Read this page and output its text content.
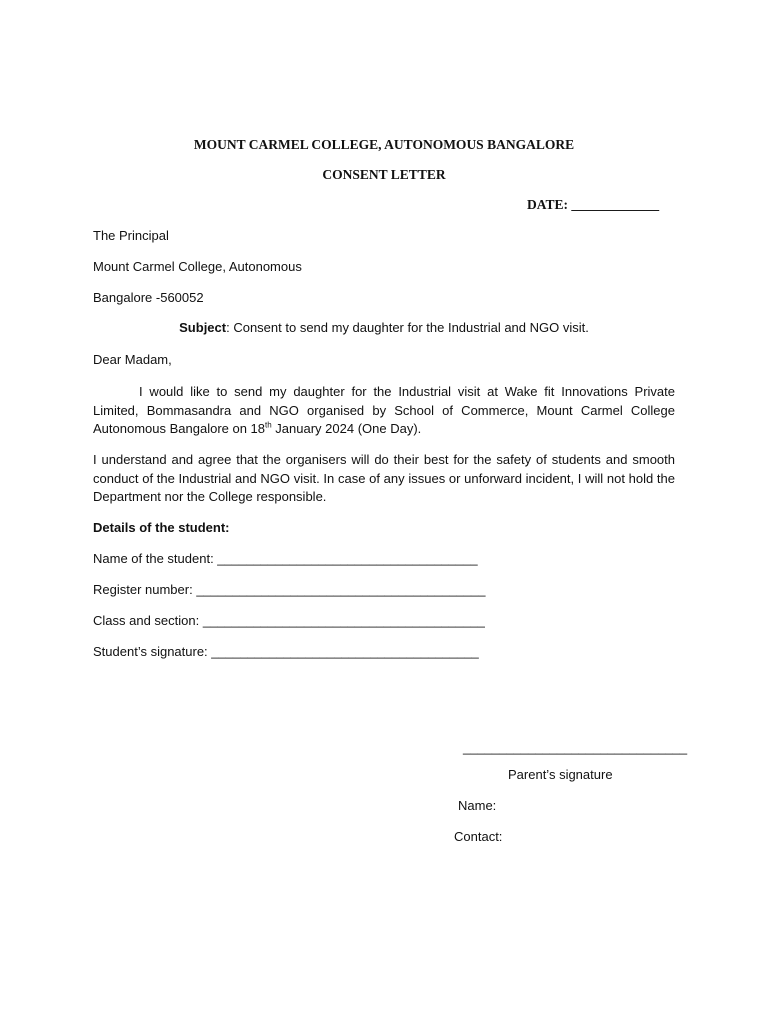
MOUNT CARMEL COLLEGE, AUTONOMOUS BANGALORE
CONSENT LETTER
DATE: _____________
The Principal
Mount Carmel College, Autonomous
Bangalore -560052
Subject: Consent to send my daughter for the Industrial and NGO visit.
Dear Madam,
I would like to send my daughter for the Industrial visit at Wake fit Innovations Private Limited, Bommasandra and NGO organised by School of Commerce, Mount Carmel College Autonomous Bangalore on 18th January 2024 (One Day).
I understand and agree that the organisers will do their best for the safety of students and smooth conduct of the Industrial and NGO visit. In case of any issues or unforward incident, I will not hold the Department nor the College responsible.
Details of the student:
Name of the student: ____________________________________
Register number: ________________________________________
Class and section: _______________________________________
Student’s signature: _____________________________________
_______________________________
Parent’s signature
Name:
Contact:
